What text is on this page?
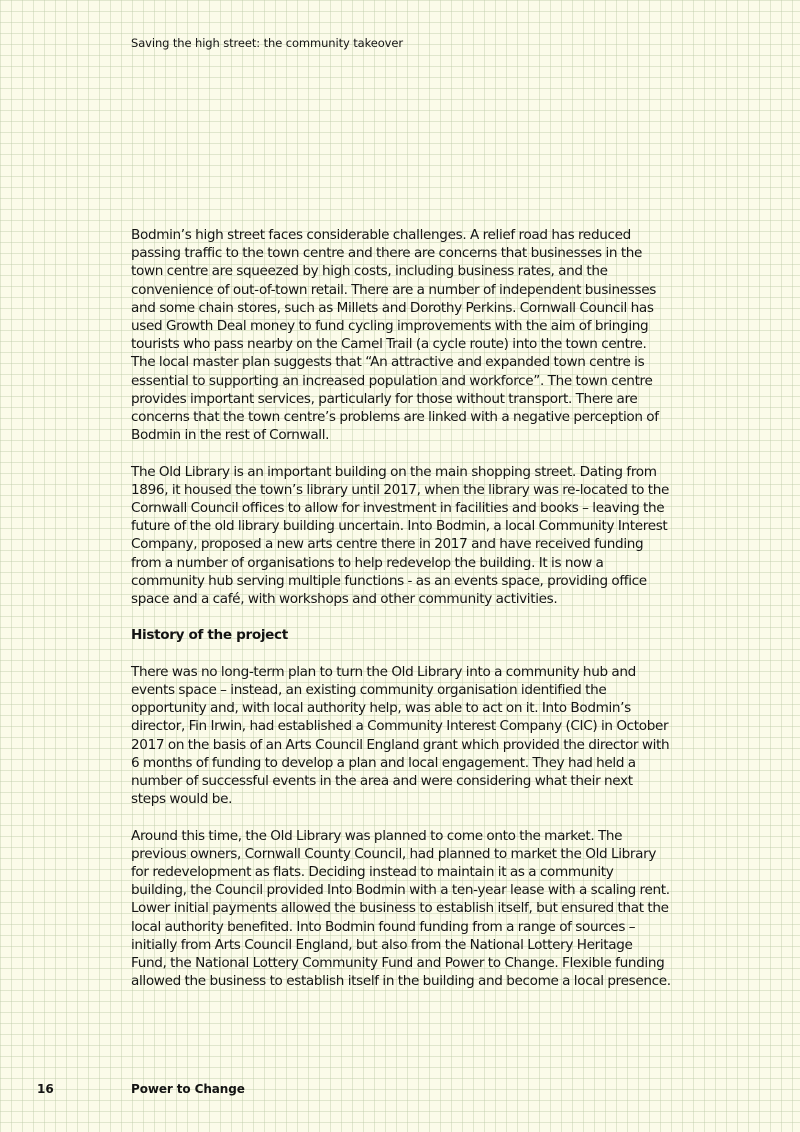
Saving the high street: the community takeover

Bodmin’s high street faces considerable challenges. A relief road has reduced passing traffic to the town centre and there are concerns that businesses in the town centre are squeezed by high costs, including business rates, and the convenience of out-of-town retail. There are a number of independent businesses and some chain stores, such as Millets and Dorothy Perkins. Cornwall Council has used Growth Deal money to fund cycling improvements with the aim of bringing tourists who pass nearby on the Camel Trail (a cycle route) into the town centre. The local master plan suggests that “An attractive and expanded town centre is essential to supporting an increased population and workforce”. The town centre provides important services, particularly for those without transport. There are concerns that the town centre’s problems are linked with a negative perception of Bodmin in the rest of Cornwall.

The Old Library is an important building on the main shopping street. Dating from 1896, it housed the town’s library until 2017, when the library was re-located to the Cornwall Council offices to allow for investment in facilities and books – leaving the future of the old library building uncertain. Into Bodmin, a local Community Interest Company, proposed a new arts centre there in 2017 and have received funding from a number of organisations to help redevelop the building. It is now a community hub serving multiple functions - as an events space, providing office space and a café, with workshops and other community activities.

History of the project

There was no long-term plan to turn the Old Library into a community hub and events space – instead, an existing community organisation identified the opportunity and, with local authority help, was able to act on it. Into Bodmin’s director, Fin Irwin, had established a Community Interest Company (CIC) in October 2017 on the basis of an Arts Council England grant which provided the director with 6 months of funding to develop a plan and local engagement. They had held a number of successful events in the area and were considering what their next steps would be.

Around this time, the Old Library was planned to come onto the market. The previous owners, Cornwall County Council, had planned to market the Old Library for redevelopment as flats. Deciding instead to maintain it as a community building, the Council provided Into Bodmin with a ten-year lease with a scaling rent. Lower initial payments allowed the business to establish itself, but ensured that the local authority benefited. Into Bodmin found funding from a range of sources – initially from Arts Council England, but also from the National Lottery Heritage Fund, the National Lottery Community Fund and Power to Change. Flexible funding allowed the business to establish itself in the building and become a local presence.

16	Power to Change
